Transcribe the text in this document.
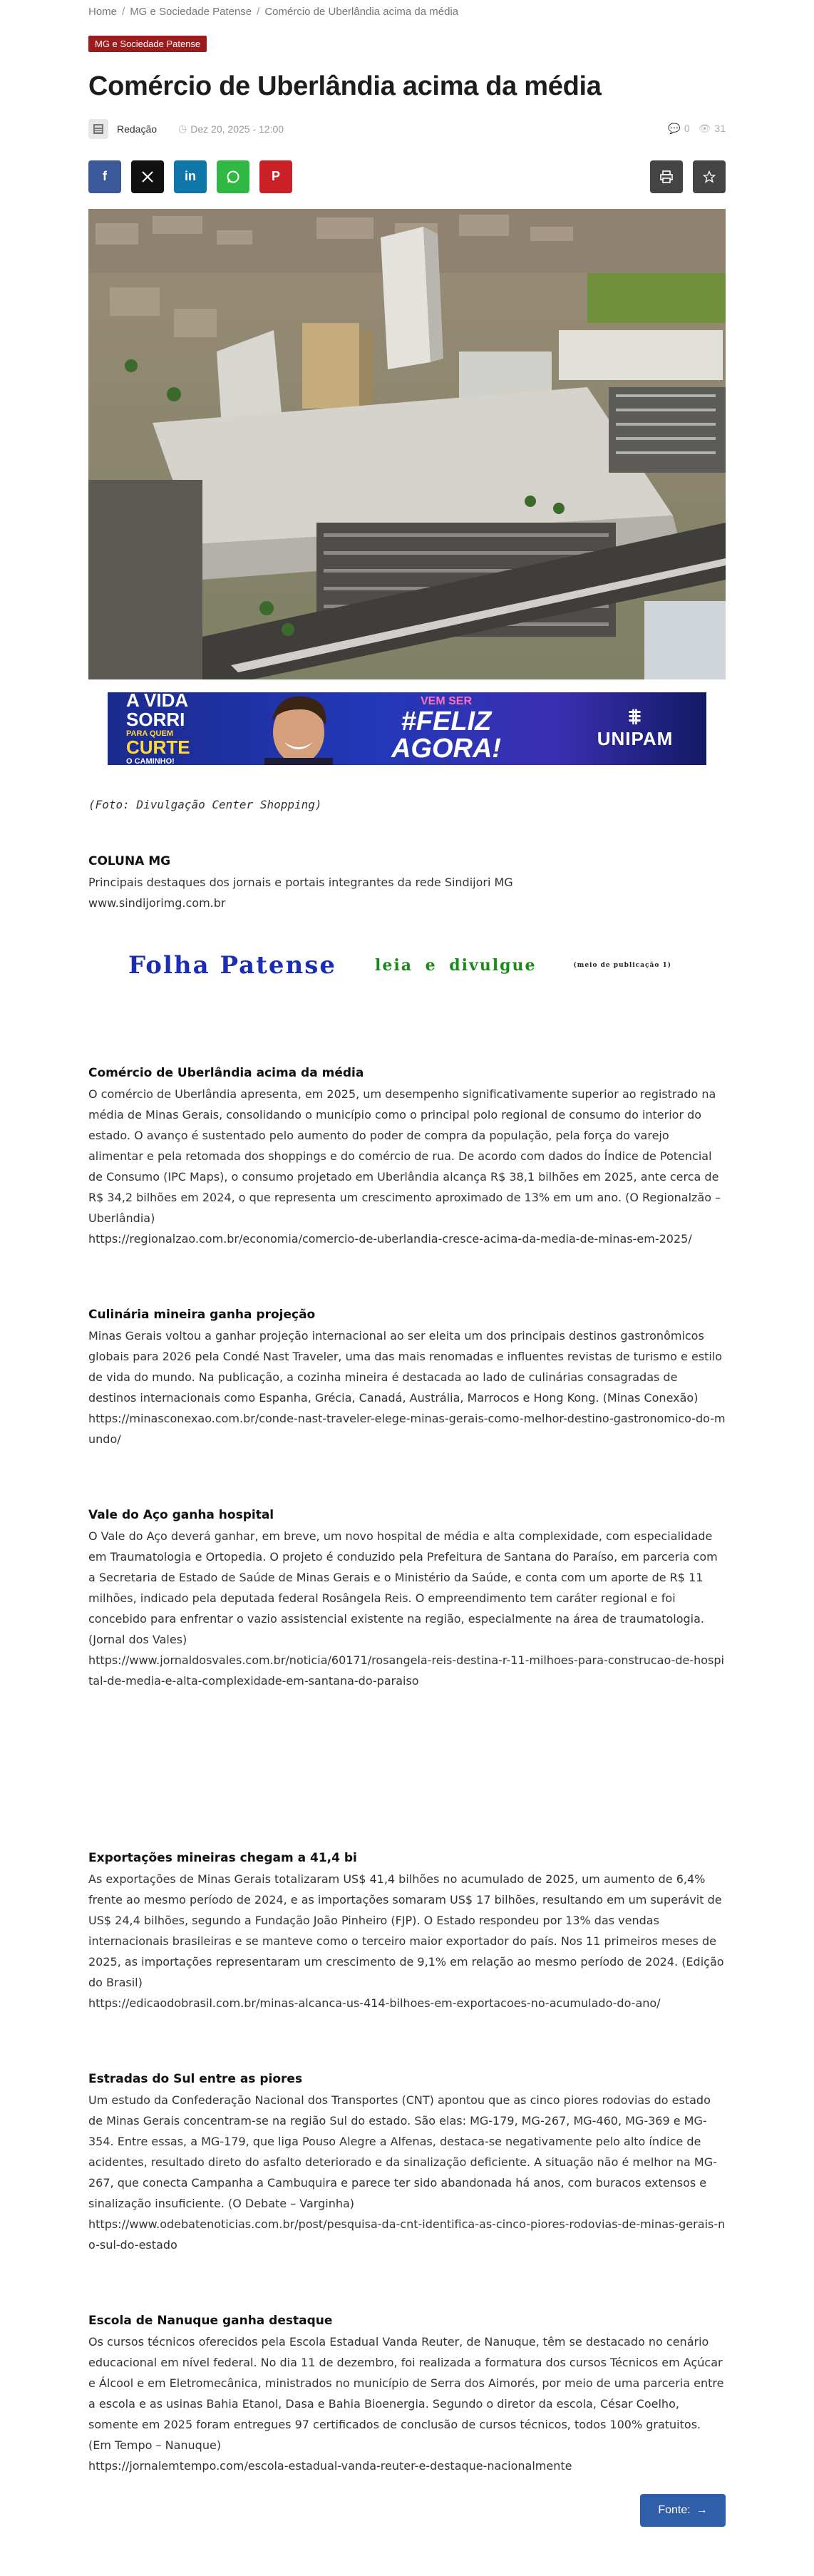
Home / MG e Sociedade Patense / Comércio de Uberlândia acima da média
MG e Sociedade Patense
Comércio de Uberlândia acima da média
Redação ◷ Dez 20, 2025 - 12:00	💬 0 👁 31
f	in	P
A VIDA
SORRI
PARA QUEM
CURTE
O CAMINHO!
VEM SER
#FELIZ
AGORA!
⩨
UNIPAM
(Foto: Divulgação Center Shopping)
COLUNA MG
Principais destaques dos jornais e portais integrantes da rede Sindijori MG
www.sindijorimg.com.br
Folha Patense leia e divulgue	(meio de publicação 1)
Comércio de Uberlândia acima da média

O comércio de Uberlândia apresenta, em 2025, um desempenho significativamente superior ao registrado na média de Minas Gerais, consolidando o município como o principal polo regional de consumo do interior do estado. O avanço é sustentado pelo aumento do poder de compra da população, pela força do varejo alimentar e pela retomada dos shoppings e do comércio de rua. De acordo com dados do Índice de Potencial de Consumo (IPC Maps), o consumo projetado em Uberlândia alcança R$ 38,1 bilhões em 2025, ante cerca de R$ 34,2 bilhões em 2024, o que representa um crescimento aproximado de 13% em um ano. (O Regionalzão – Uberlândia)

https://regionalzao.com.br/economia/comercio-de-uberlandia-cresce-acima-da-media-de-minas-em-2025/

Culinária mineira ganha projeção

Minas Gerais voltou a ganhar projeção internacional ao ser eleita um dos principais destinos gastronômicos globais para 2026 pela Condé Nast Traveler, uma das mais renomadas e influentes revistas de turismo e estilo de vida do mundo. Na publicação, a cozinha mineira é destacada ao lado de culinárias consagradas de destinos internacionais como Espanha, Grécia, Canadá, Austrália, Marrocos e Hong Kong. (Minas Conexão)

https://minasconexao.com.br/conde-nast-traveler-elege-minas-gerais-como-melhor-destino-gastronomico-do-mundo/

Vale do Aço ganha hospital

O Vale do Aço deverá ganhar, em breve, um novo hospital de média e alta complexidade, com especialidade em Traumatologia e Ortopedia. O projeto é conduzido pela Prefeitura de Santana do Paraíso, em parceria com a Secretaria de Estado de Saúde de Minas Gerais e o Ministério da Saúde, e conta com um aporte de R$ 11 milhões, indicado pela deputada federal Rosângela Reis. O empreendimento tem caráter regional e foi concebido para enfrentar o vazio assistencial existente na região, especialmente na área de traumatologia. (Jornal dos Vales)

https://www.jornaldosvales.com.br/noticia/60171/rosangela-reis-destina-r-11-milhoes-para-construcao-de-hospital-de-media-e-alta-complexidade-em-santana-do-paraiso

Exportações mineiras chegam a 41,4 bi

As exportações de Minas Gerais totalizaram US$ 41,4 bilhões no acumulado de 2025, um aumento de 6,4% frente ao mesmo período de 2024, e as importações somaram US$ 17 bilhões, resultando em um superávit de US$ 24,4 bilhões, segundo a Fundação João Pinheiro (FJP). O Estado respondeu por 13% das vendas internacionais brasileiras e se manteve como o terceiro maior exportador do país. Nos 11 primeiros meses de 2025, as importações representaram um crescimento de 9,1% em relação ao mesmo período de 2024. (Edição do Brasil)

https://edicaodobrasil.com.br/minas-alcanca-us-414-bilhoes-em-exportacoes-no-acumulado-do-ano/

Estradas do Sul entre as piores

Um estudo da Confederação Nacional dos Transportes (CNT) apontou que as cinco piores rodovias do estado de Minas Gerais concentram-se na região Sul do estado. São elas: MG-179, MG-267, MG-460, MG-369 e MG-354. Entre essas, a MG-179, que liga Pouso Alegre a Alfenas, destaca-se negativamente pelo alto índice de acidentes, resultado direto do asfalto deteriorado e da sinalização deficiente. A situação não é melhor na MG-267, que conecta Campanha a Cambuquira e parece ter sido abandonada há anos, com buracos extensos e sinalização insuficiente. (O Debate – Varginha)

https://www.odebatenoticias.com.br/post/pesquisa-da-cnt-identifica-as-cinco-piores-rodovias-de-minas-gerais-no-sul-do-estado

Escola de Nanuque ganha destaque

Os cursos técnicos oferecidos pela Escola Estadual Vanda Reuter, de Nanuque, têm se destacado no cenário educacional em nível federal. No dia 11 de dezembro, foi realizada a formatura dos cursos Técnicos em Açúcar e Álcool e em Eletromecânica, ministrados no município de Serra dos Aimorés, por meio de uma parceria entre a escola e as usinas Bahia Etanol, Dasa e Bahia Bioenergia. Segundo o diretor da escola, César Coelho, somente em 2025 foram entregues 97 certificados de conclusão de cursos técnicos, todos 100% gratuitos. (Em Tempo – Nanuque)

https://jornalemtempo.com/escola-estadual-vanda-reuter-e-destaque-nacionalmente

Fonte: →
